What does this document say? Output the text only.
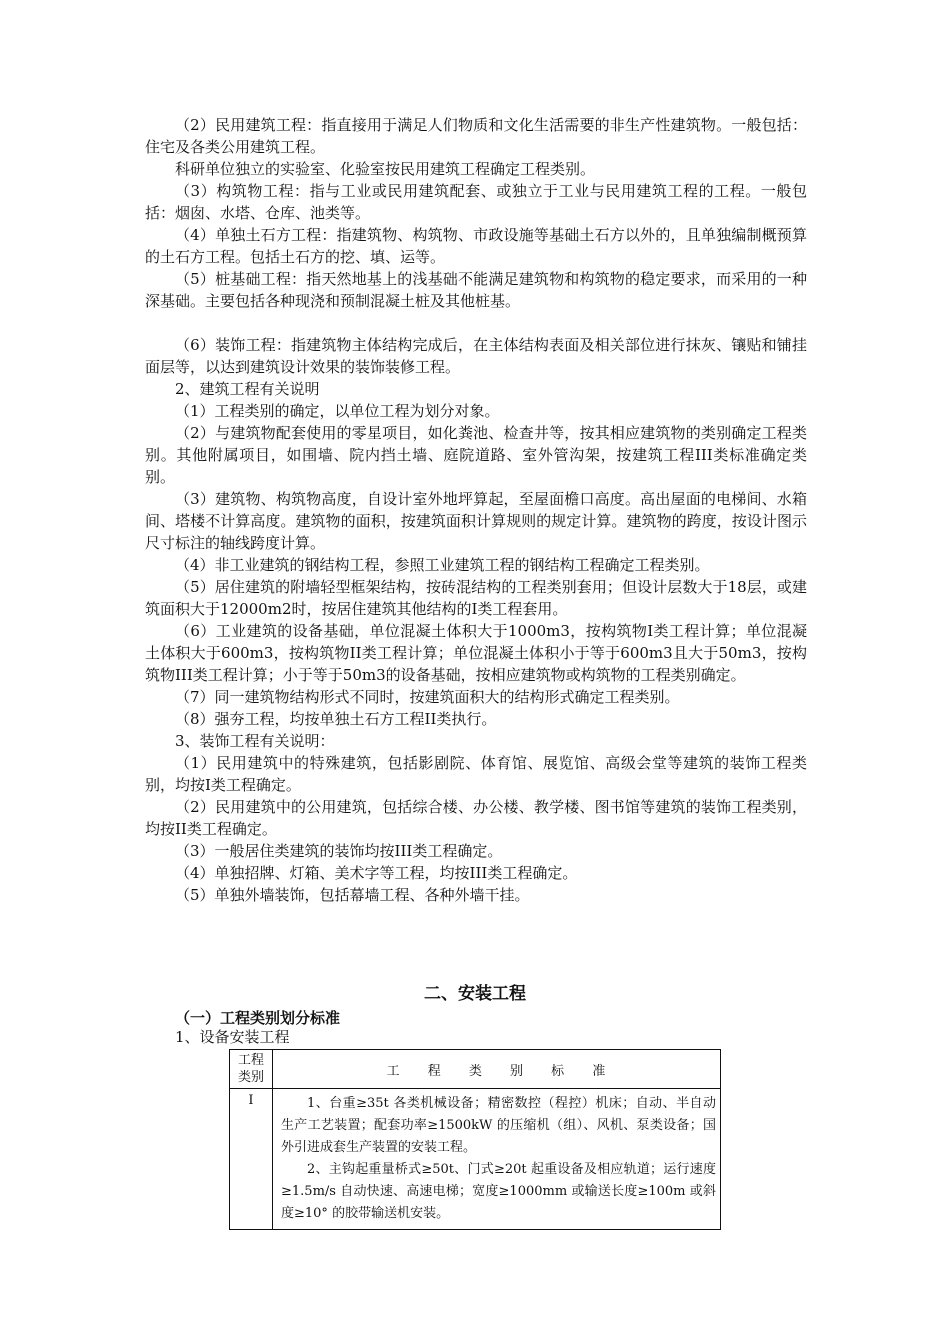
（2）民用建筑工程：指直接用于满足人们物质和文化生活需要的非生产性建筑物。一般包括：住宅及各类公用建筑工程。

科研单位独立的实验室、化验室按民用建筑工程确定工程类别。

（3）构筑物工程：指与工业或民用建筑配套、或独立于工业与民用建筑工程的工程。一般包括：烟囱、水塔、仓库、池类等。

（4）单独土石方工程：指建筑物、构筑物、市政设施等基础土石方以外的，且单独编制概预算的土石方工程。包括土石方的挖、填、运等。

（5）桩基础工程：指天然地基上的浅基础不能满足建筑物和构筑物的稳定要求，而采用的一种深基础。主要包括各种现浇和预制混凝土桩及其他桩基。

（6）装饰工程：指建筑物主体结构完成后，在主体结构表面及相关部位进行抹灰、镶贴和铺挂面层等，以达到建筑设计效果的装饰装修工程。

2、建筑工程有关说明

（1）工程类别的确定，以单位工程为划分对象。

（2）与建筑物配套使用的零星项目，如化粪池、检查井等，按其相应建筑物的类别确定工程类别。其他附属项目，如围墙、院内挡土墙、庭院道路、室外管沟架，按建筑工程III类标准确定类别。

（3）建筑物、构筑物高度，自设计室外地坪算起，至屋面檐口高度。高出屋面的电梯间、水箱间、塔楼不计算高度。建筑物的面积，按建筑面积计算规则的规定计算。建筑物的跨度，按设计图示尺寸标注的轴线跨度计算。

（4）非工业建筑的钢结构工程，参照工业建筑工程的钢结构工程确定工程类别。

（5）居住建筑的附墙轻型框架结构，按砖混结构的工程类别套用；但设计层数大于18层，或建筑面积大于12000m2时，按居住建筑其他结构的I类工程套用。

（6）工业建筑的设备基础，单位混凝土体积大于1000m3，按构筑物I类工程计算；单位混凝土体积大于600m3，按构筑物II类工程计算；单位混凝土体积小于等于600m3且大于50m3，按构筑物III类工程计算；小于等于50m3的设备基础，按相应建筑物或构筑物的工程类别确定。

（7）同一建筑物结构形式不同时，按建筑面积大的结构形式确定工程类别。

（8）强夯工程，均按单独土石方工程II类执行。

3、装饰工程有关说明：

（1）民用建筑中的特殊建筑，包括影剧院、体育馆、展览馆、高级会堂等建筑的装饰工程类别，均按I类工程确定。

（2）民用建筑中的公用建筑，包括综合楼、办公楼、教学楼、图书馆等建筑的装饰工程类别，均按II类工程确定。

（3）一般居住类建筑的装饰均按III类工程确定。

（4）单独招牌、灯箱、美术字等工程，均按III类工程确定。

（5）单独外墙装饰，包括幕墙工程、各种外墙干挂。

二、安装工程
（一）工程类别划分标准
1、设备安装工程
工程
类别	工 程 类 别 标 准
I	1、台重≥35t 各类机械设备；精密数控（程控）机床；自动、半自动生产工艺装置；配套功率≥1500kW 的压缩机（组）、风机、泵类设备；国外引进成套生产装置的安装工程。

2、主钩起重量桥式≥50t、门式≥20t 起重设备及相应轨道；运行速度≥1.5m/s 自动快速、高速电梯；宽度≥1000mm 或输送长度≥100m 或斜度≥10° 的胶带输送机安装。
